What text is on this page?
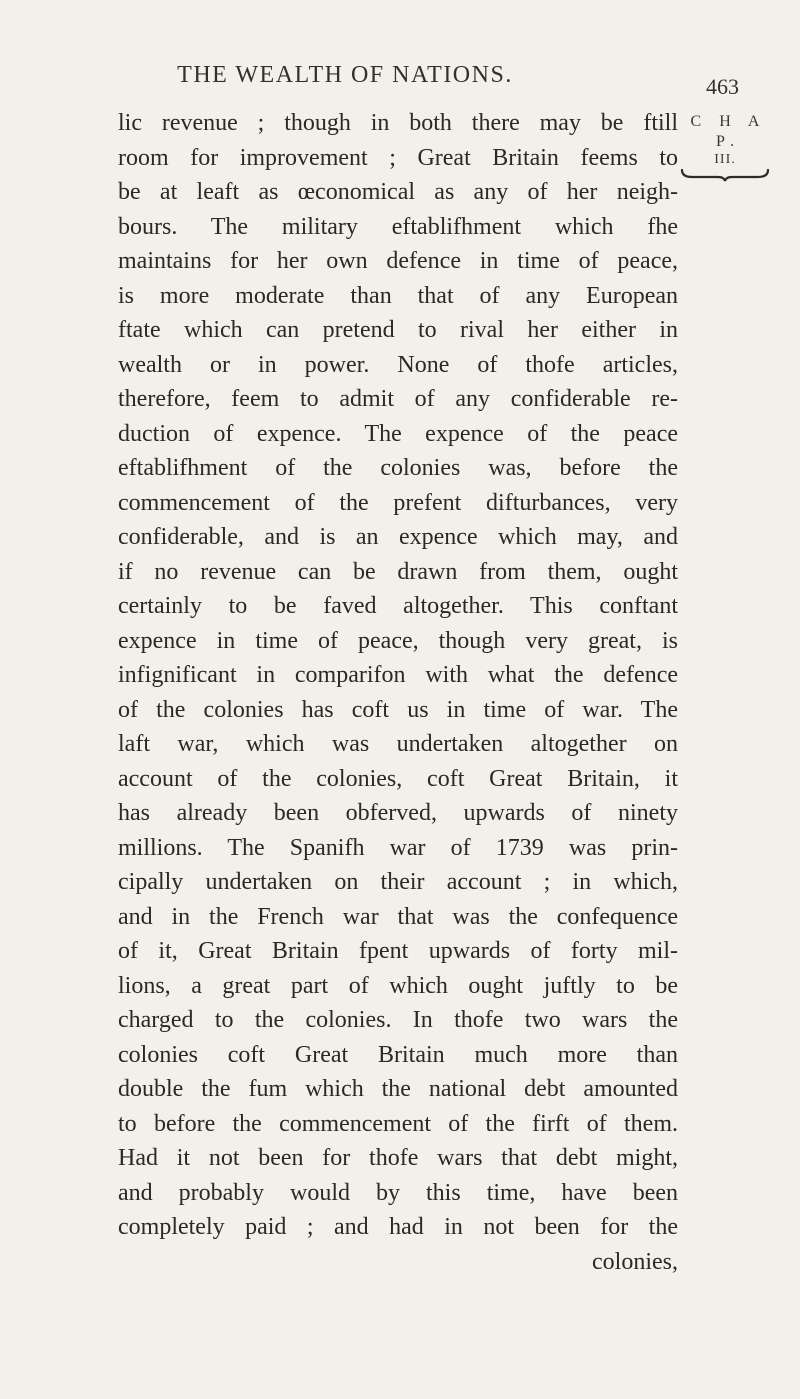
THE WEALTH OF NATIONS.	463
C H A P.
III.
lic revenue ; though in both there may be ftill
room for improvement ; Great Britain feems to
be at leaft as œconomical as any of her neigh-
bours. The military eftablifhment which fhe
maintains for her own defence in time of peace,
is more moderate than that of any European
ftate which can pretend to rival her either in
wealth or in power. None of thofe articles,
therefore, feem to admit of any confiderable re-
duction of expence. The expence of the peace
eftablifhment of the colonies was, before the
commencement of the prefent difturbances, very
confiderable, and is an expence which may, and
if no revenue can be drawn from them, ought
certainly to be faved altogether. This conftant
expence in time of peace, though very great, is
infignificant in comparifon with what the defence
of the colonies has coft us in time of war. The
laft war, which was undertaken altogether on
account of the colonies, coft Great Britain, it
has already been obferved, upwards of ninety
millions. The Spanifh war of 1739 was prin-
cipally undertaken on their account ; in which,
and in the French war that was the confequence
of it, Great Britain fpent upwards of forty mil-
lions, a great part of which ought juftly to be
charged to the colonies. In thofe two wars the
colonies coft Great Britain much more than
double the fum which the national debt amounted
to before the commencement of the firft of them.
Had it not been for thofe wars that debt might,
and probably would by this time, have been
completely paid ; and had in not been for the
colonies,
